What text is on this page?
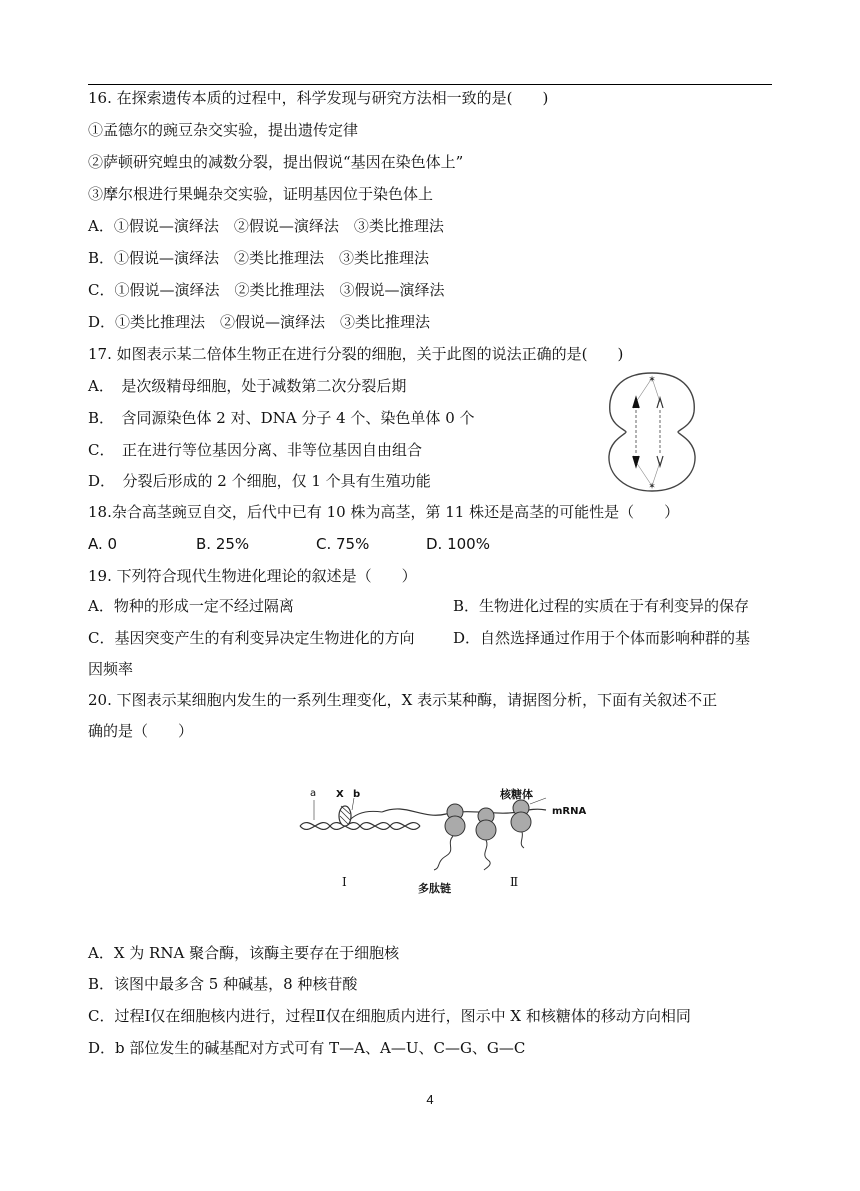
16. 在探索遗传本质的过程中，科学发现与研究方法相一致的是(　　)
①孟德尔的豌豆杂交实验，提出遗传定律
②萨顿研究蝗虫的减数分裂，提出假说“基因在染色体上”
③摩尔根进行果蝇杂交实验，证明基因位于染色体上
A．①假说—演绎法　②假说—演绎法　③类比推理法
B．①假说—演绎法　②类比推理法　③类比推理法
C．①假说—演绎法　②类比推理法　③假说—演绎法
D．①类比推理法　②假说—演绎法　③类比推理法
17. 如图表示某二倍体生物正在进行分裂的细胞，关于此图的说法正确的是(　　)
A．　是次级精母细胞，处于减数第二次分裂后期
B．　含同源染色体 2 对、DNA 分子 4 个、染色单体 0 个
C．　正在进行等位基因分离、非等位基因自由组合
D．　分裂后形成的 2 个细胞，仅 1 个具有生殖功能
✶
✶
18.杂合高茎豌豆自交，后代中已有 10 株为高茎，第 11 株还是高茎的可能性是（　　）
A. 0	B. 25%	C. 75%	D. 100%
19. 下列符合现代生物进化理论的叙述是（　　）
A．物种的形成一定不经过隔离	B．生物进化过程的实质在于有利变异的保存
C．基因突变产生的有利变异决定生物进化的方向	D．自然选择通过作用于个体而影响种群的基
因频率
20. 下图表示某细胞内发生的一系列生理变化，X 表示某种酶，请据图分析，下面有关叙述不正
确的是（　　）
a X b	核糖体
mRNA
多肽链
Ⅰ	Ⅱ
A．X 为 RNA 聚合酶，该酶主要存在于细胞核
B．该图中最多含 5 种碱基，8 种核苷酸
C．过程Ⅰ仅在细胞核内进行，过程Ⅱ仅在细胞质内进行，图示中 X 和核糖体的移动方向相同
D．b 部位发生的碱基配对方式可有 T—A、A—U、C—G、G—C
4
